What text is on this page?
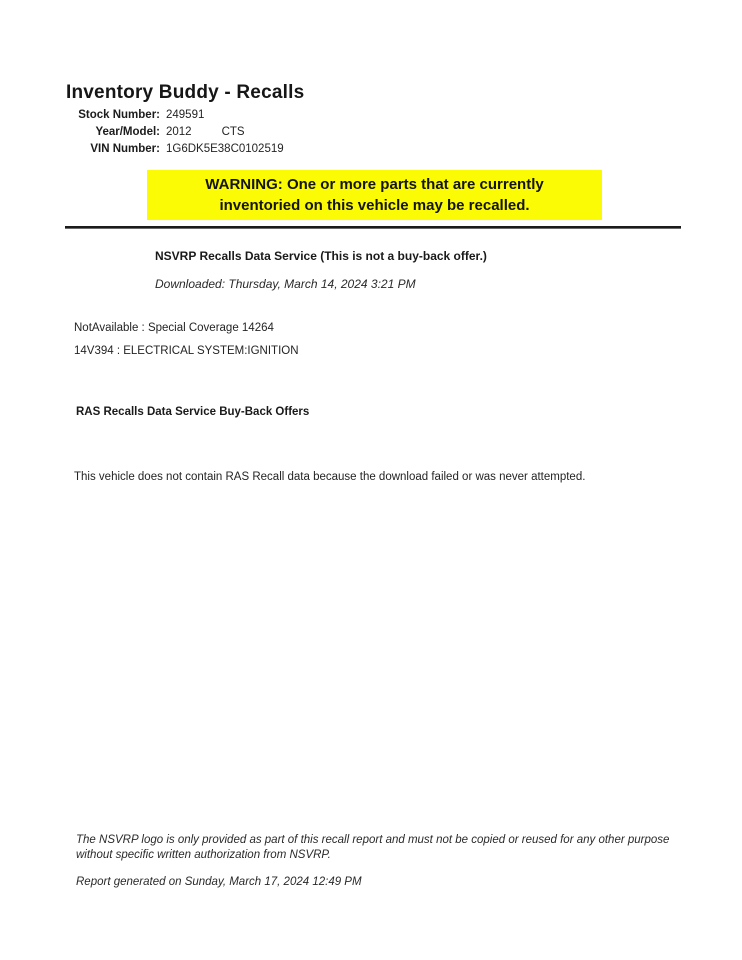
Inventory Buddy - Recalls
Stock Number: 249591
Year/Model: 2012	CTS
VIN Number: 1G6DK5E38C0102519
WARNING: One or more parts that are currently
inventoried on this vehicle may be recalled.
NSVRP Recalls Data Service (This is not a buy-back offer.)
Downloaded: Thursday, March 14, 2024 3:21 PM
NotAvailable : Special Coverage 14264
14V394 : ELECTRICAL SYSTEM:IGNITION
RAS Recalls Data Service Buy-Back Offers
This vehicle does not contain RAS Recall data because the download failed or was never attempted.
The NSVRP logo is only provided as part of this recall report and must not be copied or reused for any other purpose without specific written authorization from NSVRP.
Report generated on Sunday, March 17, 2024 12:49 PM
